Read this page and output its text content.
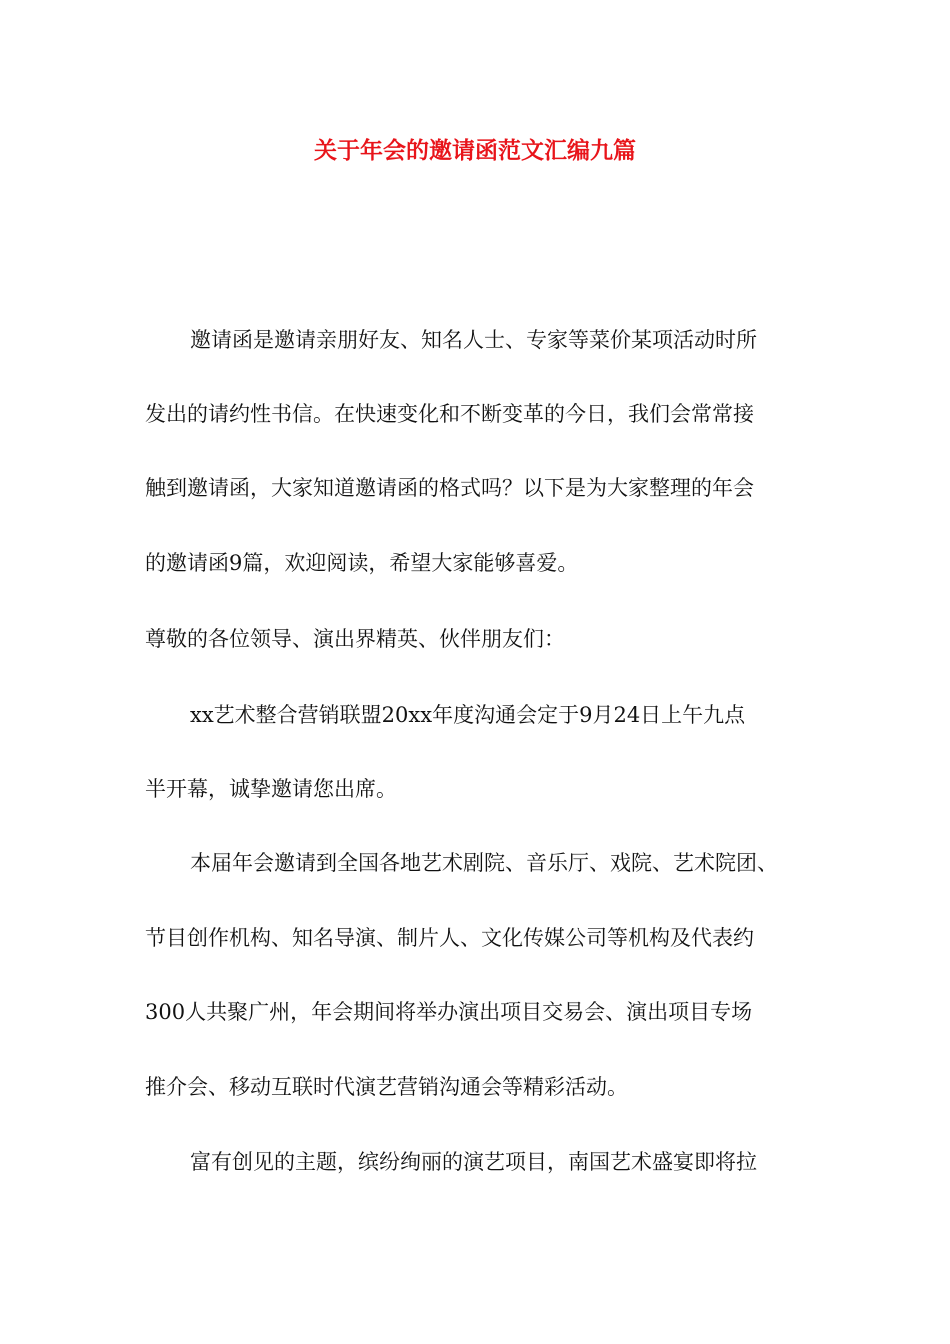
关于年会的邀请函范文汇编九篇

邀请函是邀请亲朋好友、知名人士、专家等菜价某项活动时所

发出的请约性书信。在快速变化和不断变革的今日，我们会常常接

触到邀请函，大家知道邀请函的格式吗？以下是为大家整理的年会

的邀请函9篇，欢迎阅读，希望大家能够喜爱。

尊敬的各位领导、演出界精英、伙伴朋友们：

xx艺术整合营销联盟20xx年度沟通会定于9月24日上午九点

半开幕，诚挚邀请您出席。

本届年会邀请到全国各地艺术剧院、音乐厅、戏院、艺术院团、

节目创作机构、知名导演、制片人、文化传媒公司等机构及代表约

300人共聚广州，年会期间将举办演出项目交易会、演出项目专场

推介会、移动互联时代演艺营销沟通会等精彩活动。

富有创见的主题，缤纷绚丽的演艺项目，南国艺术盛宴即将拉
